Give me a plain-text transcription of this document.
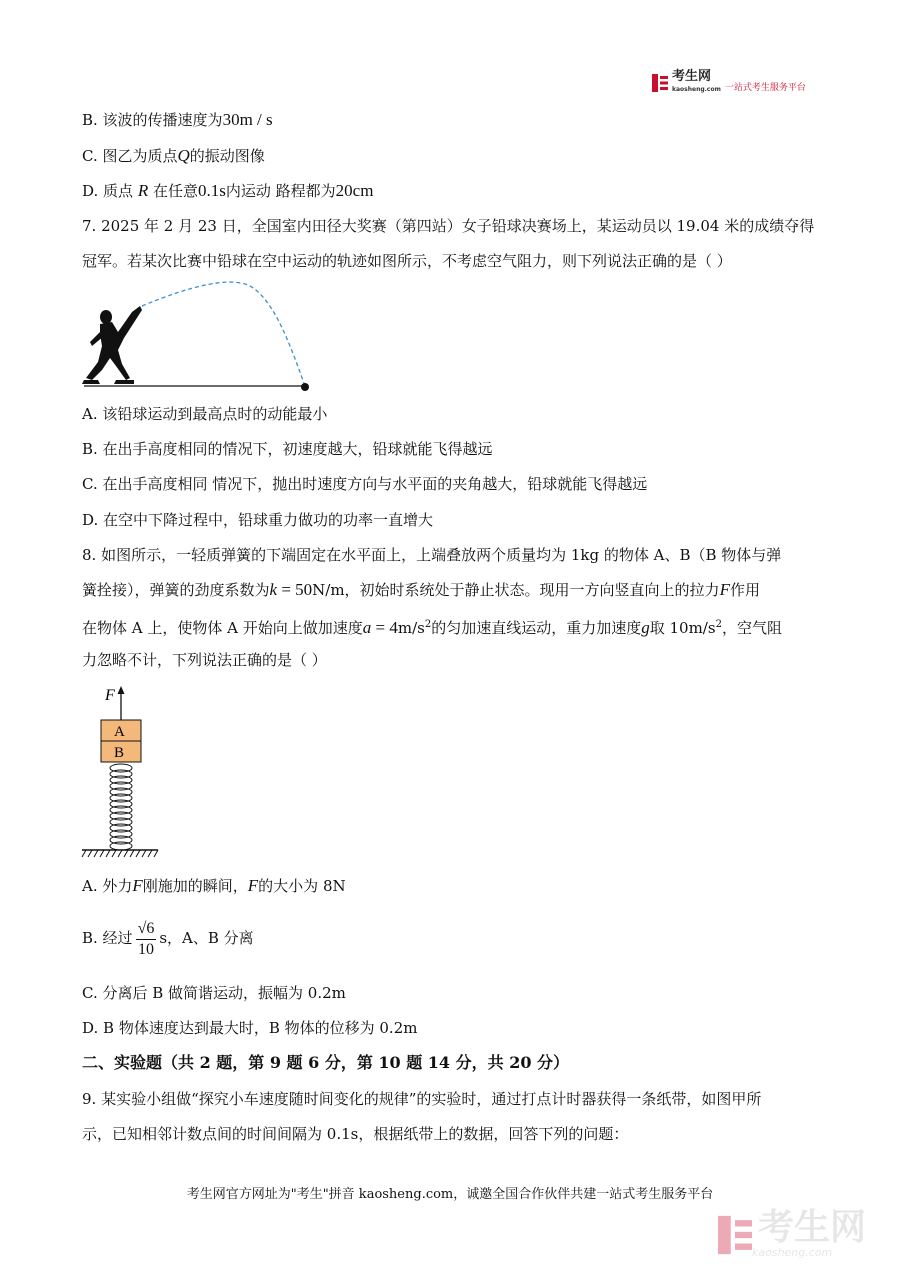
考生网
kaosheng.com 一站式考生服务平台
B. 该波的传播速度为30m / s
C. 图乙为质点Q的振动图像
D. 质点 R 在任意0.1s内运动 路程都为20cm
7. 2025 年 2 月 23 日，全国室内田径大奖赛（第四站）女子铅球决赛场上，某运动员以 19.04 米的成绩夺得
冠军。若某次比赛中铅球在空中运动的轨迹如图所示，不考虑空气阻力，则下列说法正确的是（ ）
A. 该铅球运动到最高点时的动能最小
B. 在出手高度相同的情况下，初速度越大，铅球就能飞得越远
C. 在出手高度相同 情况下，抛出时速度方向与水平面的夹角越大，铅球就能飞得越远
D. 在空中下降过程中，铅球重力做功的功率一直增大
8. 如图所示，一轻质弹簧的下端固定在水平面上，上端叠放两个质量均为 1kg 的物体 A、B（B 物体与弹
簧拴接），弹簧的劲度系数为k = 50N/m，初始时系统处于静止状态。现用一方向竖直向上的拉力F作用
在物体 A 上，使物体 A 开始向上做加速度$a = 4m/s^2$的匀加速直线运动，重力加速度g取 $10m/s^2$，空气阻
力忽略不计，下列说法正确的是（ ）
F
A
B
A. 外力F刚施加的瞬间，F的大小为 8N
B. 经过 $\frac{√6}{10}$ s，A、B 分离
C. 分离后 B 做简谐运动，振幅为 0.2m
D. B 物体速度达到最大时，B 物体的位移为 0.2m
二、实验题（共 2 题，第 9 题 6 分，第 10 题 14 分，共 20 分）
9. 某实验小组做“探究小车速度随时间变化的规律”的实验时，通过打点计时器获得一条纸带，如图甲所
示，已知相邻计数点间的时间间隔为 0.1s，根据纸带上的数据，回答下列的问题：
考生网官方网址为"考生"拼音 kaosheng.com，诚邀全国合作伙伴共建一站式考生服务平台
考生网
kaosheng.com
